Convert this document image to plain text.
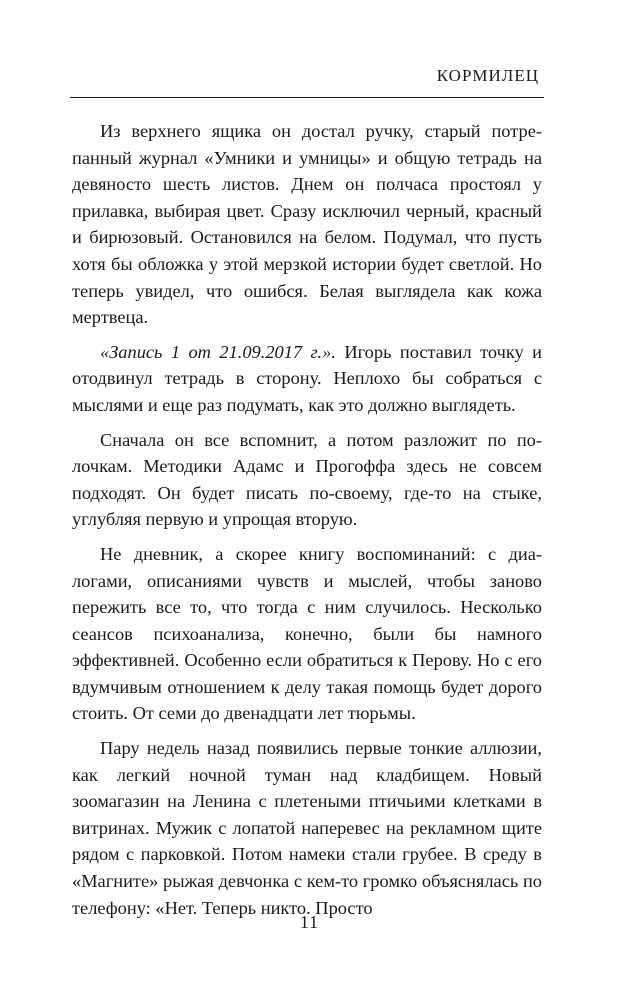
КОРМИЛЕЦ

Из верхнего ящика он достал ручку, старый потрепанный журнал «Умники и умницы» и общую тетрадь на девяносто шесть листов. Днем он полчаса простоял у прилавка, выбирая цвет. Сразу исключил черный, красный и бирюзовый. Остановился на белом. Подумал, что пусть хотя бы обложка у этой мерзкой истории будет светлой. Но теперь увидел, что ошибся. Белая выглядела как кожа мертвеца.

«Запись 1 от 21.09.2017 г.». Игорь поставил точку и отодвинул тетрадь в сторону. Неплохо бы собраться с мыслями и еще раз подумать, как это должно выглядеть.

Сначала он все вспомнит, а потом разложит по полочкам. Методики Адамс и Прогоффа здесь не совсем подходят. Он будет писать по-своему, где-то на стыке, углубляя первую и упрощая вторую.

Не дневник, а скорее книгу воспоминаний: с диалогами, описаниями чувств и мыслей, чтобы заново пережить все то, что тогда с ним случилось. Несколько сеансов психоанализа, конечно, были бы намного эффективней. Особенно если обратиться к Перову. Но с его вдумчивым отношением к делу такая помощь будет дорого стоить. От семи до двенадцати лет тюрьмы.

Пару недель назад появились первые тонкие аллюзии, как легкий ночной туман над кладбищем. Новый зоомагазин на Ленина с плетеными птичьими клетками в витринах. Мужик с лопатой наперевес на рекламном щите рядом с парковкой. Потом намеки стали грубее. В среду в «Магните» рыжая девчонка с кем-то громко объяснялась по телефону: «Нет. Теперь никто. Просто

11
